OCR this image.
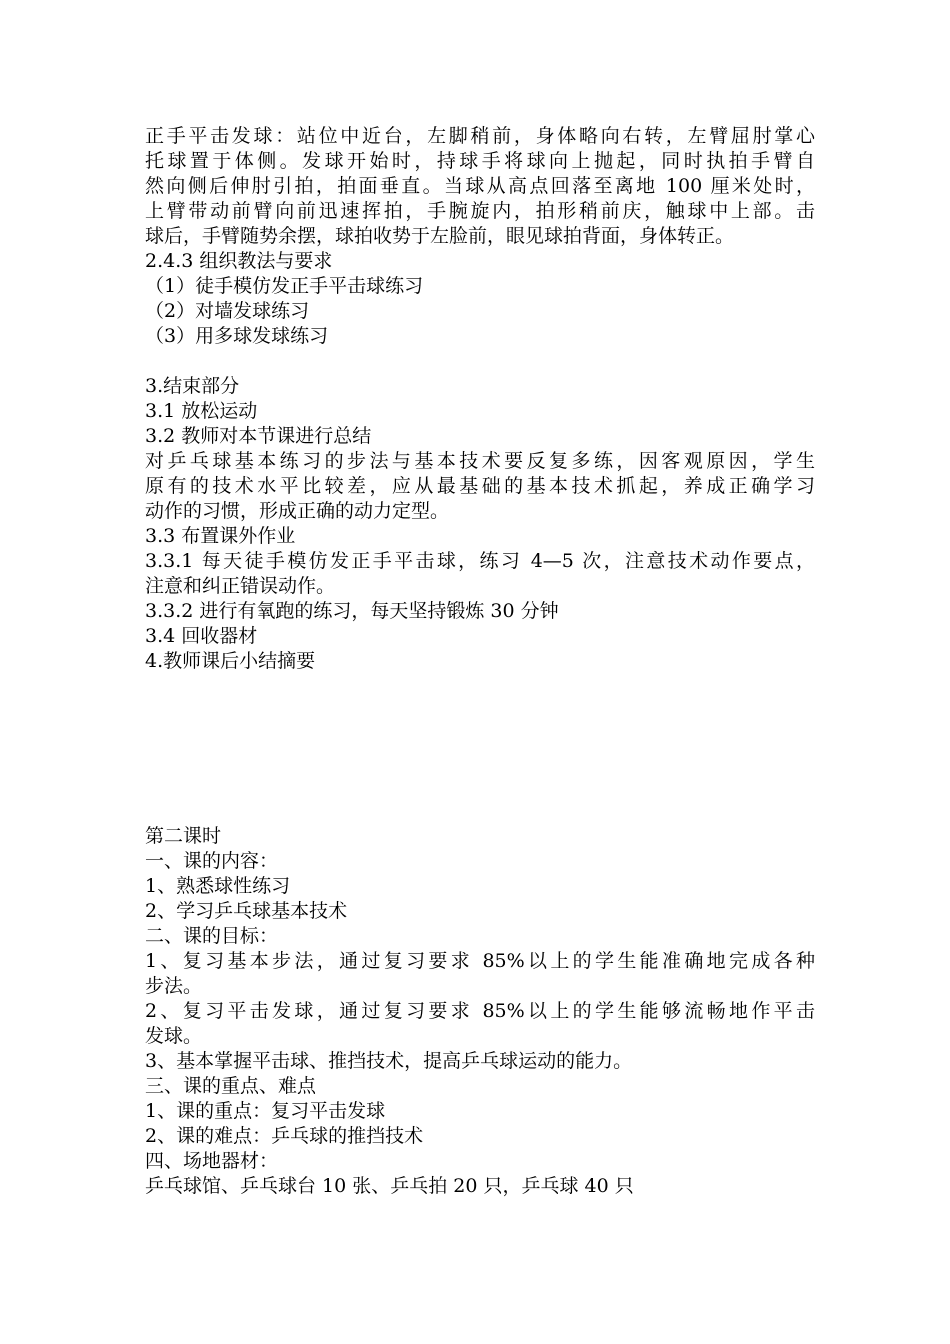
正手平击发球：站位中近台，左脚稍前，身体略向右转，左臂屈肘掌心

托球置于体侧。发球开始时，持球手将球向上抛起，同时执拍手臂自

然向侧后伸肘引拍，拍面垂直。当球从高点回落至离地 100 厘米处时，

上臂带动前臂向前迅速挥拍，手腕旋内，拍形稍前庆，触球中上部。击

球后，手臂随势余摆，球拍收势于左脸前，眼见球拍背面，身体转正。

2.4.3 组织教法与要求

（1）徒手模仿发正手平击球练习

（2）对墙发球练习

（3）用多球发球练习

3.结束部分

3.1 放松运动

3.2 教师对本节课进行总结

对乒乓球基本练习的步法与基本技术要反复多练，因客观原因，学生

原有的技术水平比较差，应从最基础的基本技术抓起，养成正确学习

动作的习惯，形成正确的动力定型。

3.3 布置课外作业

3.3.1 每天徒手模仿发正手平击球，练习 4—5 次，注意技术动作要点，

注意和纠正错误动作。

3.3.2 进行有氧跑的练习，每天坚持锻炼 30 分钟

3.4 回收器材

4.教师课后小结摘要

第二课时

一、课的内容：

1、熟悉球性练习

2、学习乒乓球基本技术

二、课的目标：

1、复习基本步法，通过复习要求 85%以上的学生能准确地完成各种

步法。

2、复习平击发球，通过复习要求 85%以上的学生能够流畅地作平击

发球。

3、基本掌握平击球、推挡技术，提高乒乓球运动的能力。

三、课的重点、难点

1、课的重点：复习平击发球

2、课的难点：乒乓球的推挡技术

四、场地器材：

乒乓球馆、乒乓球台 10 张、乒乓拍 20 只，乒乓球 40 只
